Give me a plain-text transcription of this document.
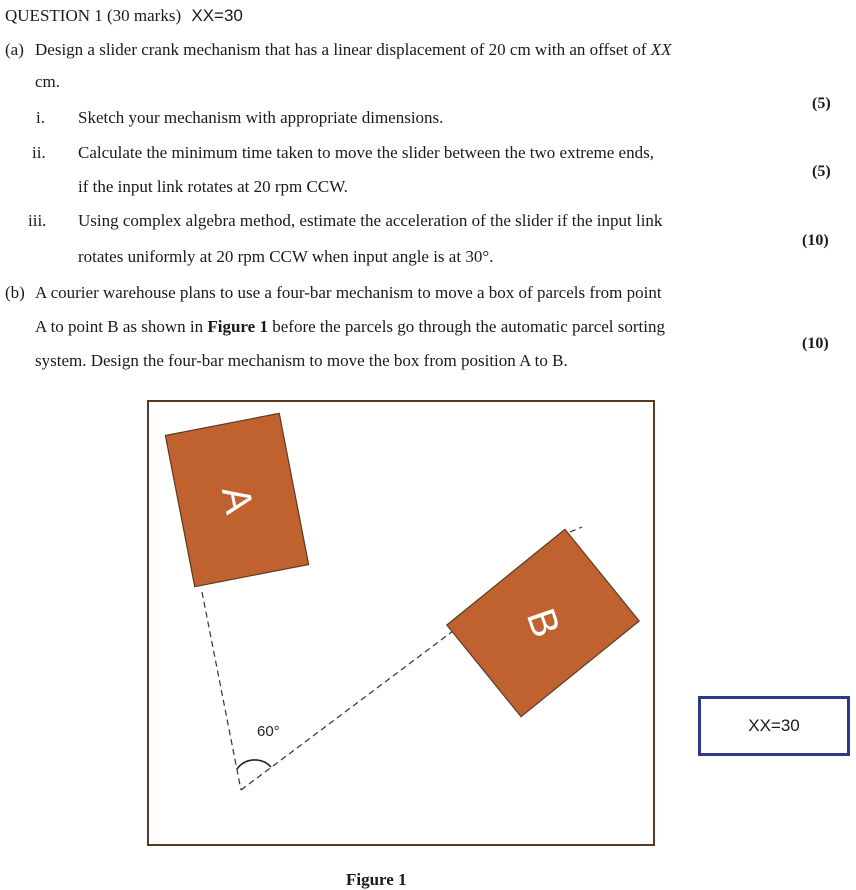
QUESTION 1 (30 marks) XX=30
(a) Design a slider crank mechanism that has a linear displacement of 20 cm with an offset of XX
cm.
i. Sketch your mechanism with appropriate dimensions.
(5)
ii. Calculate the minimum time taken to move the slider between the two extreme ends,
if the input link rotates at 20 rpm CCW.
(5)
iii. Using complex algebra method, estimate the acceleration of the slider if the input link
rotates uniformly at 20 rpm CCW when input angle is at 30°.
(10)
(b) A courier warehouse plans to use a four-bar mechanism to move a box of parcels from point
A to point B as shown in Figure 1 before the parcels go through the automatic parcel sorting
system. Design the four-bar mechanism to move the box from position A to B.
(10)
A
B
60°	XX=30
Figure 1
